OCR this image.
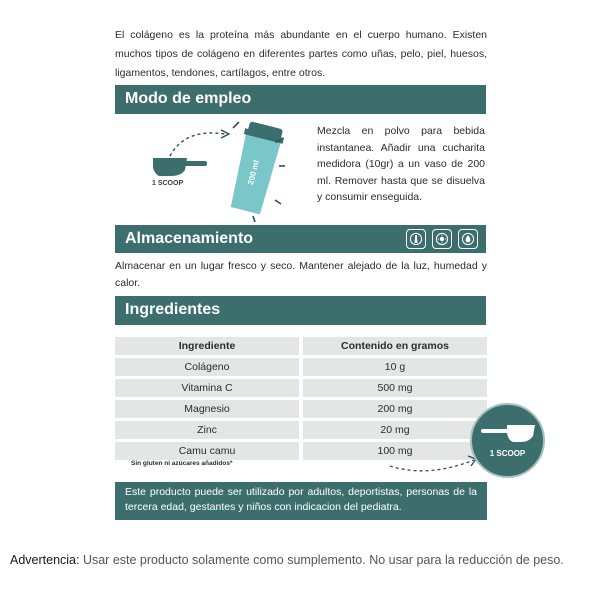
El colágeno es la proteína más abundante en el cuerpo humano. Existen muchos tipos de colágeno en diferentes partes como uñas, pelo, piel, huesos, ligamentos, tendones, cartílagos, entre otros.

Modo de empleo
1 SCOOP	200 ml

Mezcla en polvo para bebida instantanea. Añadir una cucharita medidora (10gr) a un vaso de 200 ml. Remover hasta que se disuelva y consumir enseguida.

Almacenamiento

Almacenar en un lugar fresco y seco. Mantener alejado de la luz, humedad y calor.

Ingredientes
Ingrediente		Contenido en gramos
Colágeno		10 g
Vitamina C		500 mg
Magnesio		200 mg
Zinc		20 mg
Camu camu		100 mg
Sin gluten ni azúcares añadidos*
1 SCOOP
Este producto puede ser utilizado por adultos, deportistas, personas de la tercera edad, gestantes y niños con indicacion del pediatra.

Advertencia: Usar este producto solamente como sumplemento. No usar para la reducción de peso.
